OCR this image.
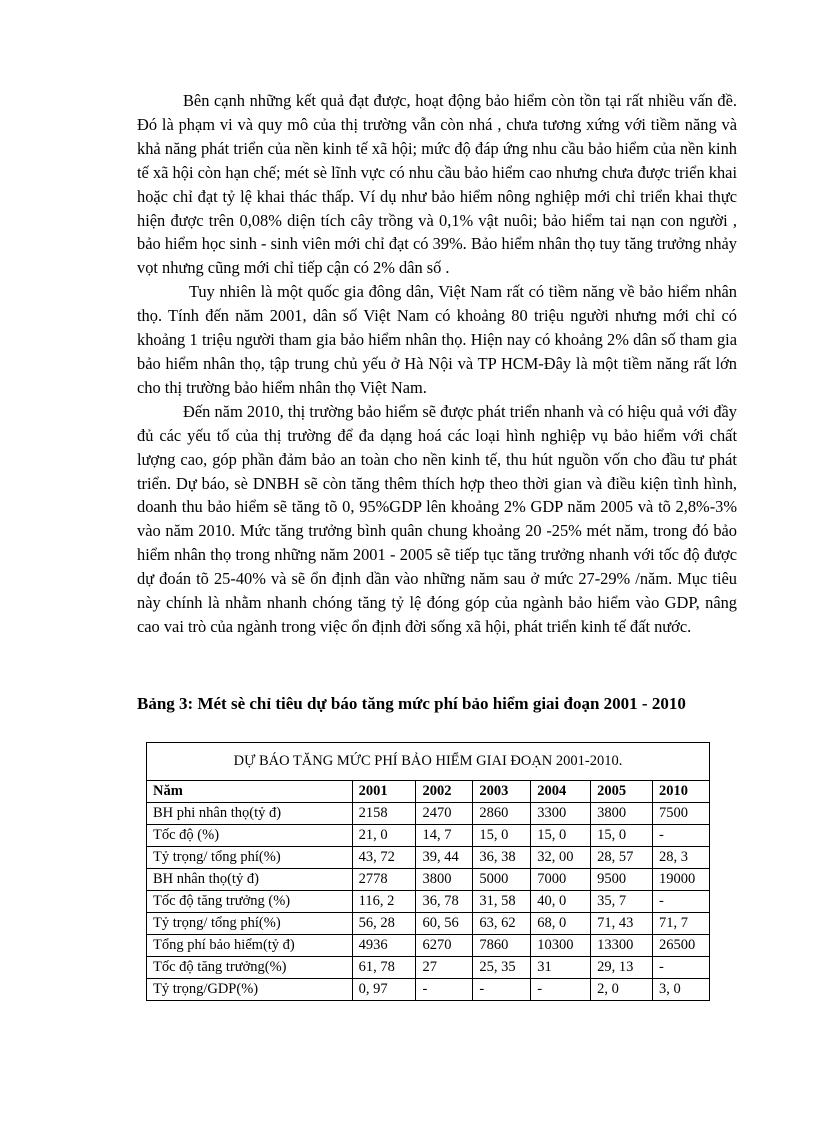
Bên cạnh những kết quả đạt được, hoạt động bảo hiểm còn tồn tại rất nhiều vấn đề. Đó là phạm vi và quy mô của thị trường vẫn còn nhá , chưa tương xứng với tiềm năng và khả năng phát triển của nền kinh tế xã hội; mức độ đáp ứng nhu cầu bảo hiểm của nền kinh tế xã hội còn hạn chế; mét sè lĩnh vực có nhu cầu bảo hiểm cao nhưng chưa được triển khai hoặc chỉ đạt tỷ lệ khai thác thấp. Ví dụ như bảo hiểm nông nghiệp mới chỉ triển khai thực hiện được trên 0,08% diện tích cây trồng và 0,1% vật nuôi; bảo hiểm tai nạn con người , bảo hiểm học sinh - sinh viên mới chỉ đạt có 39%. Bảo hiểm nhân thọ tuy tăng trưởng nhảy vọt nhưng cũng mới chỉ tiếp cận có 2% dân số .

Tuy nhiên là một quốc gia đông dân, Việt Nam rất có tiềm năng về bảo hiểm nhân thọ. Tính đến năm 2001, dân số Việt Nam có khoảng 80 triệu người nhưng mới chỉ có khoảng 1 triệu người tham gia bảo hiểm nhân thọ. Hiện nay có khoảng 2% dân số tham gia bảo hiểm nhân thọ, tập trung chủ yếu ở Hà Nội và TP HCM-Đây là một tiềm năng rất lớn cho thị trường bảo hiểm nhân thọ Việt Nam.

Đến năm 2010, thị trường bảo hiểm sẽ được phát triển nhanh và có hiệu quả với đầy đủ các yếu tố của thị trường để đa dạng hoá các loại hình nghiệp vụ bảo hiểm với chất lượng cao, góp phần đảm bảo an toàn cho nền kinh tế, thu hút nguồn vốn cho đầu tư phát triển. Dự báo, sè DNBH sẽ còn tăng thêm thích hợp theo thời gian và điều kiện tình hình, doanh thu bảo hiểm sẽ tăng tõ 0, 95%GDP lên khoảng 2% GDP năm 2005 và tõ 2,8%-3% vào năm 2010. Mức tăng trưởng bình quân chung khoảng 20 -25% mét năm, trong đó bảo hiểm nhân thọ trong những năm 2001 - 2005 sẽ tiếp tục tăng trưởng nhanh với tốc độ được dự đoán tõ 25-40% và sẽ ổn định dần vào những năm sau ở mức 27-29% /năm. Mục tiêu này chính là nhằm nhanh chóng tăng tỷ lệ đóng góp của ngành bảo hiểm vào GDP, nâng cao vai trò của ngành trong việc ổn định đời sống xã hội, phát triển kinh tế đất nước.

Bảng 3: Mét sè chỉ tiêu dự báo tăng mức phí bảo hiểm giai đoạn 2001 - 2010

DỰ BÁO TĂNG MỨC PHÍ BẢO HIỂM GIAI ĐOẠN 2001-2010.						
Năm	2001	2002	2003	2004	2005	2010
BH phi nhân thọ(tỷ đ)	2158	2470	2860	3300	3800	7500
Tốc độ (%)	21, 0	14, 7	15, 0	15, 0	15, 0	-
Tỷ trọng/ tổng phí(%)	43, 72	39, 44	36, 38	32, 00	28, 57	28, 3
BH nhân thọ(tỷ đ)	2778	3800	5000	7000	9500	19000
Tốc độ tăng trưởng (%)	116, 2	36, 78	31, 58	40, 0	35, 7	-
Tỷ trọng/ tổng phí(%)	56, 28	60, 56	63, 62	68, 0	71, 43	71, 7
Tổng phí bảo hiểm(tỷ đ)	4936	6270	7860	10300	13300	26500
Tốc độ tăng trưởng(%)	61, 78	27	25, 35	31	29, 13	-
Tỷ trọng/GDP(%)	0, 97	-	-	-	2, 0	3, 0
